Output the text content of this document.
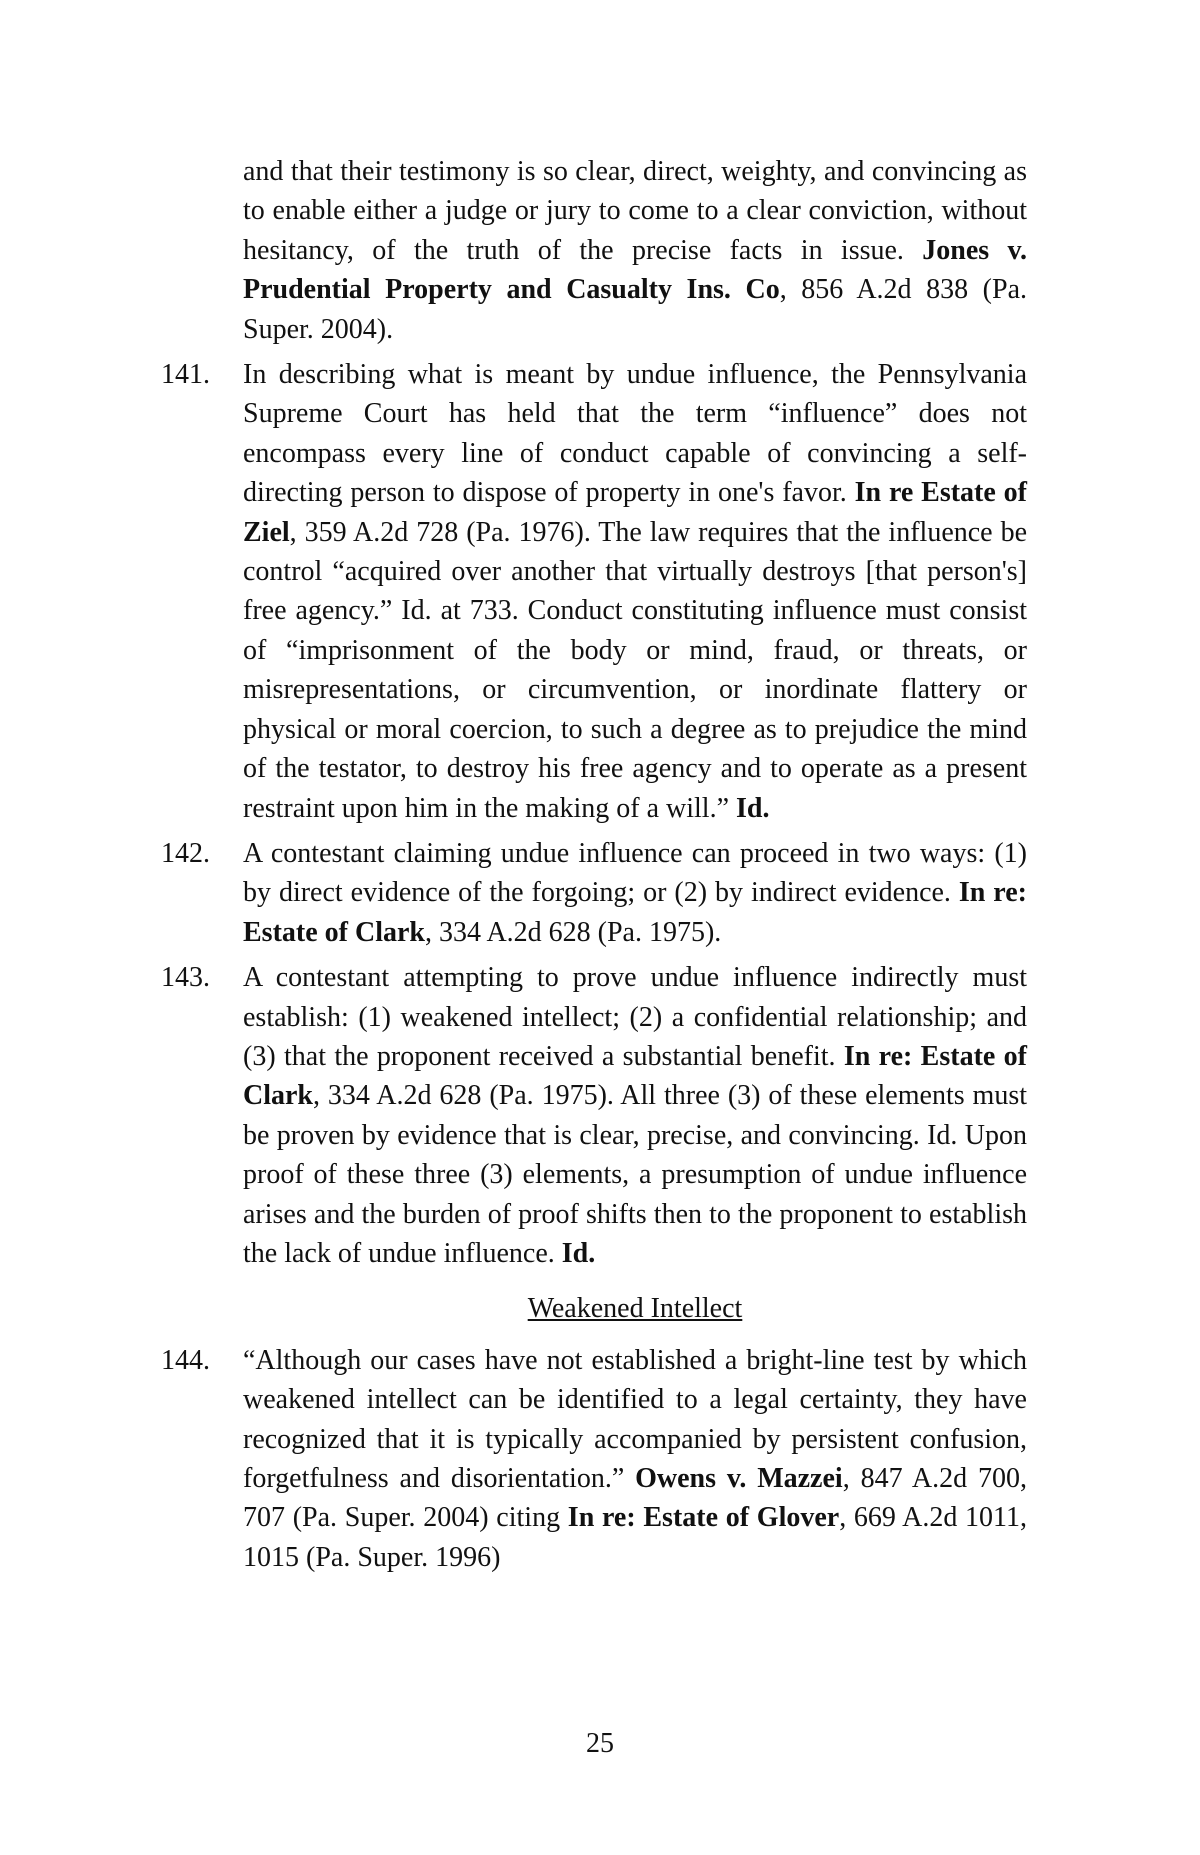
and that their testimony is so clear, direct, weighty, and convincing as to enable either a judge or jury to come to a clear conviction, without hesitancy, of the truth of the precise facts in issue. Jones v. Prudential Property and Casualty Ins. Co, 856 A.2d 838 (Pa. Super. 2004).
141. In describing what is meant by undue influence, the Pennsylvania Supreme Court has held that the term “influence” does not encompass every line of conduct capable of convincing a self-directing person to dispose of property in one's favor. In re Estate of Ziel, 359 A.2d 728 (Pa. 1976). The law requires that the influence be control “acquired over another that virtually destroys [that person's] free agency.” Id. at 733. Conduct constituting influence must consist of “imprisonment of the body or mind, fraud, or threats, or misrepresentations, or circumvention, or inordinate flattery or physical or moral coercion, to such a degree as to prejudice the mind of the testator, to destroy his free agency and to operate as a present restraint upon him in the making of a will.” Id.
142. A contestant claiming undue influence can proceed in two ways: (1) by direct evidence of the forgoing; or (2) by indirect evidence. In re: Estate of Clark, 334 A.2d 628 (Pa. 1975).
143. A contestant attempting to prove undue influence indirectly must establish: (1) weakened intellect; (2) a confidential relationship; and (3) that the proponent received a substantial benefit. In re: Estate of Clark, 334 A.2d 628 (Pa. 1975). All three (3) of these elements must be proven by evidence that is clear, precise, and convincing. Id. Upon proof of these three (3) elements, a presumption of undue influence arises and the burden of proof shifts then to the proponent to establish the lack of undue influence. Id.
Weakened Intellect
144. “Although our cases have not established a bright-line test by which weakened intellect can be identified to a legal certainty, they have recognized that it is typically accompanied by persistent confusion, forgetfulness and disorientation.” Owens v. Mazzei, 847 A.2d 700, 707 (Pa. Super. 2004) citing In re: Estate of Glover, 669 A.2d 1011, 1015 (Pa. Super. 1996)
25
